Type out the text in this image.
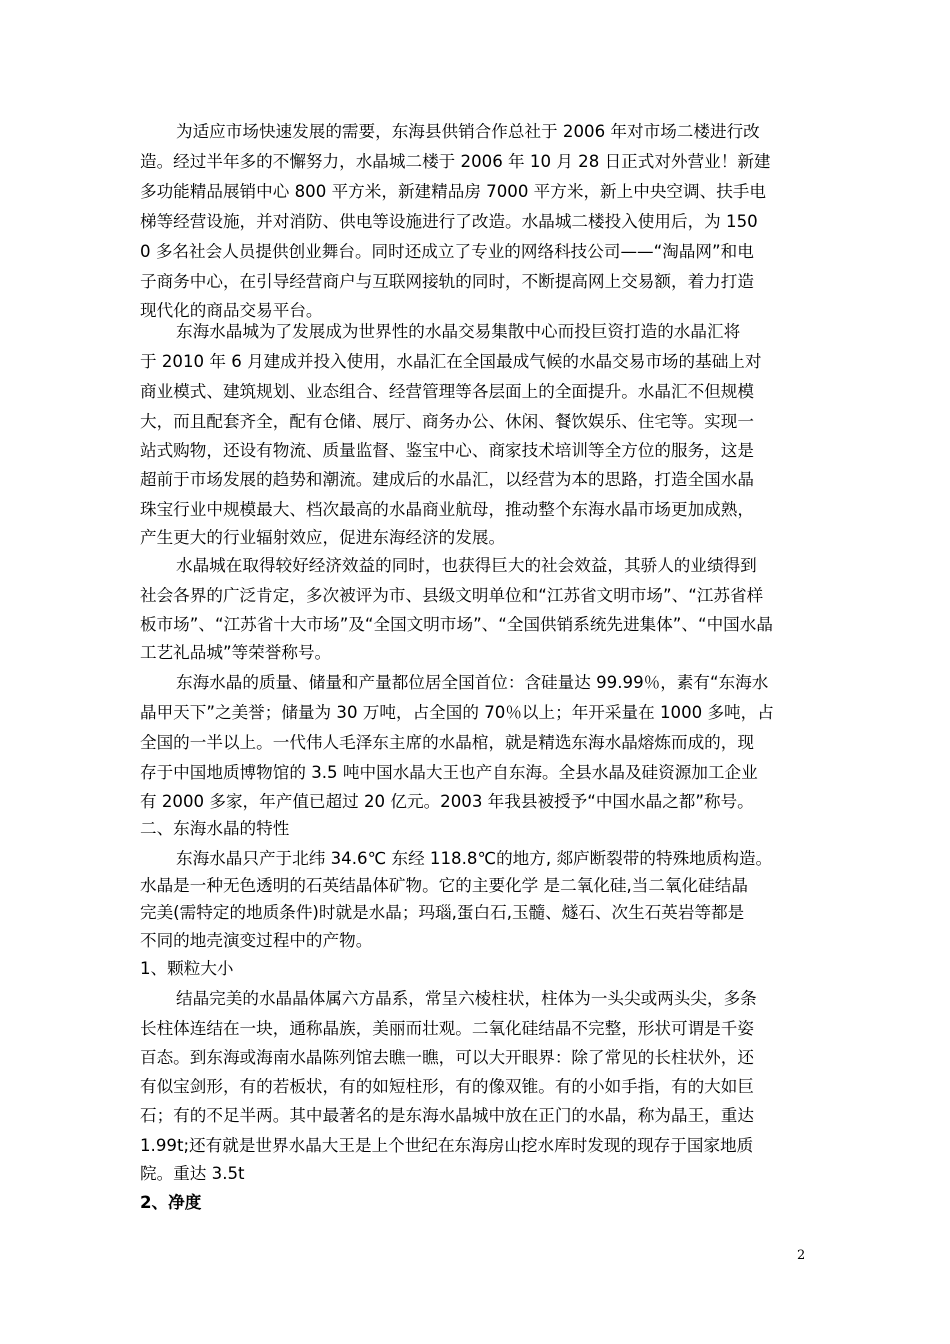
为适应市场快速发展的需要，东海县供销合作总社于 2006 年对市场二楼进行改
造。经过半年多的不懈努力，水晶城二楼于 2006 年 10 月 28 日正式对外营业！新建
多功能精品展销中心 800 平方米，新建精品房 7000 平方米，新上中央空调、扶手电
梯等经营设施，并对消防、供电等设施进行了改造。水晶城二楼投入使用后，为 150
0 多名社会人员提供创业舞台。同时还成立了专业的网络科技公司——“淘晶网”和电
子商务中心，在引导经营商户与互联网接轨的同时，不断提高网上交易额，着力打造
现代化的商品交易平台。
东海水晶城为了发展成为世界性的水晶交易集散中心而投巨资打造的水晶汇将
于 2010 年 6 月建成并投入使用，水晶汇在全国最成气候的水晶交易市场的基础上对
商业模式、建筑规划、业态组合、经营管理等各层面上的全面提升。水晶汇不但规模
大，而且配套齐全，配有仓储、展厅、商务办公、休闲、餐饮娱乐、住宅等。实现一
站式购物，还设有物流、质量监督、鉴宝中心、商家技术培训等全方位的服务，这是
超前于市场发展的趋势和潮流。建成后的水晶汇，以经营为本的思路，打造全国水晶
珠宝行业中规模最大、档次最高的水晶商业航母，推动整个东海水晶市场更加成熟，
产生更大的行业辐射效应，促进东海经济的发展。
水晶城在取得较好经济效益的同时，也获得巨大的社会效益，其骄人的业绩得到
社会各界的广泛肯定，多次被评为市、县级文明单位和“江苏省文明市场”、“江苏省样
板市场”、“江苏省十大市场”及“全国文明市场”、“全国供销系统先进集体”、“中国水晶
工艺礼品城”等荣誉称号。
东海水晶的质量、储量和产量都位居全国首位：含硅量达 99.99％，素有“东海水
晶甲天下”之美誉；储量为 30 万吨，占全国的 70％以上；年开采量在 1000 多吨，占
全国的一半以上。一代伟人毛泽东主席的水晶棺，就是精选东海水晶熔炼而成的，现
存于中国地质博物馆的 3.5 吨中国水晶大王也产自东海。全县水晶及硅资源加工企业
有 2000 多家，年产值已超过 20 亿元。2003 年我县被授予“中国水晶之都”称号。
二、东海水晶的特性
东海水晶只产于北纬 34.6℃ 东经 118.8℃的地方, 郯庐断裂带的特殊地质构造。
水晶是一种无色透明的石英结晶体矿物。它的主要化学 是二氧化硅,当二氧化硅结晶
完美(需特定的地质条件)时就是水晶；玛瑙,蛋白石,玉髓、燧石、次生石英岩等都是
不同的地壳演变过程中的产物。
1、颗粒大小
结晶完美的水晶晶体属六方晶系，常呈六棱柱状，柱体为一头尖或两头尖，多条
长柱体连结在一块，通称晶族，美丽而壮观。二氧化硅结晶不完整，形状可谓是千姿
百态。到东海或海南水晶陈列馆去瞧一瞧，可以大开眼界：除了常见的长柱状外，还
有似宝剑形，有的若板状，有的如短柱形，有的像双锥。有的小如手指，有的大如巨
石；有的不足半两。其中最著名的是东海水晶城中放在正门的水晶，称为晶王，重达
1.99t;还有就是世界水晶大王是上个世纪在东海房山挖水库时发现的现存于国家地质
院。重达 3.5t
2、净度
2
